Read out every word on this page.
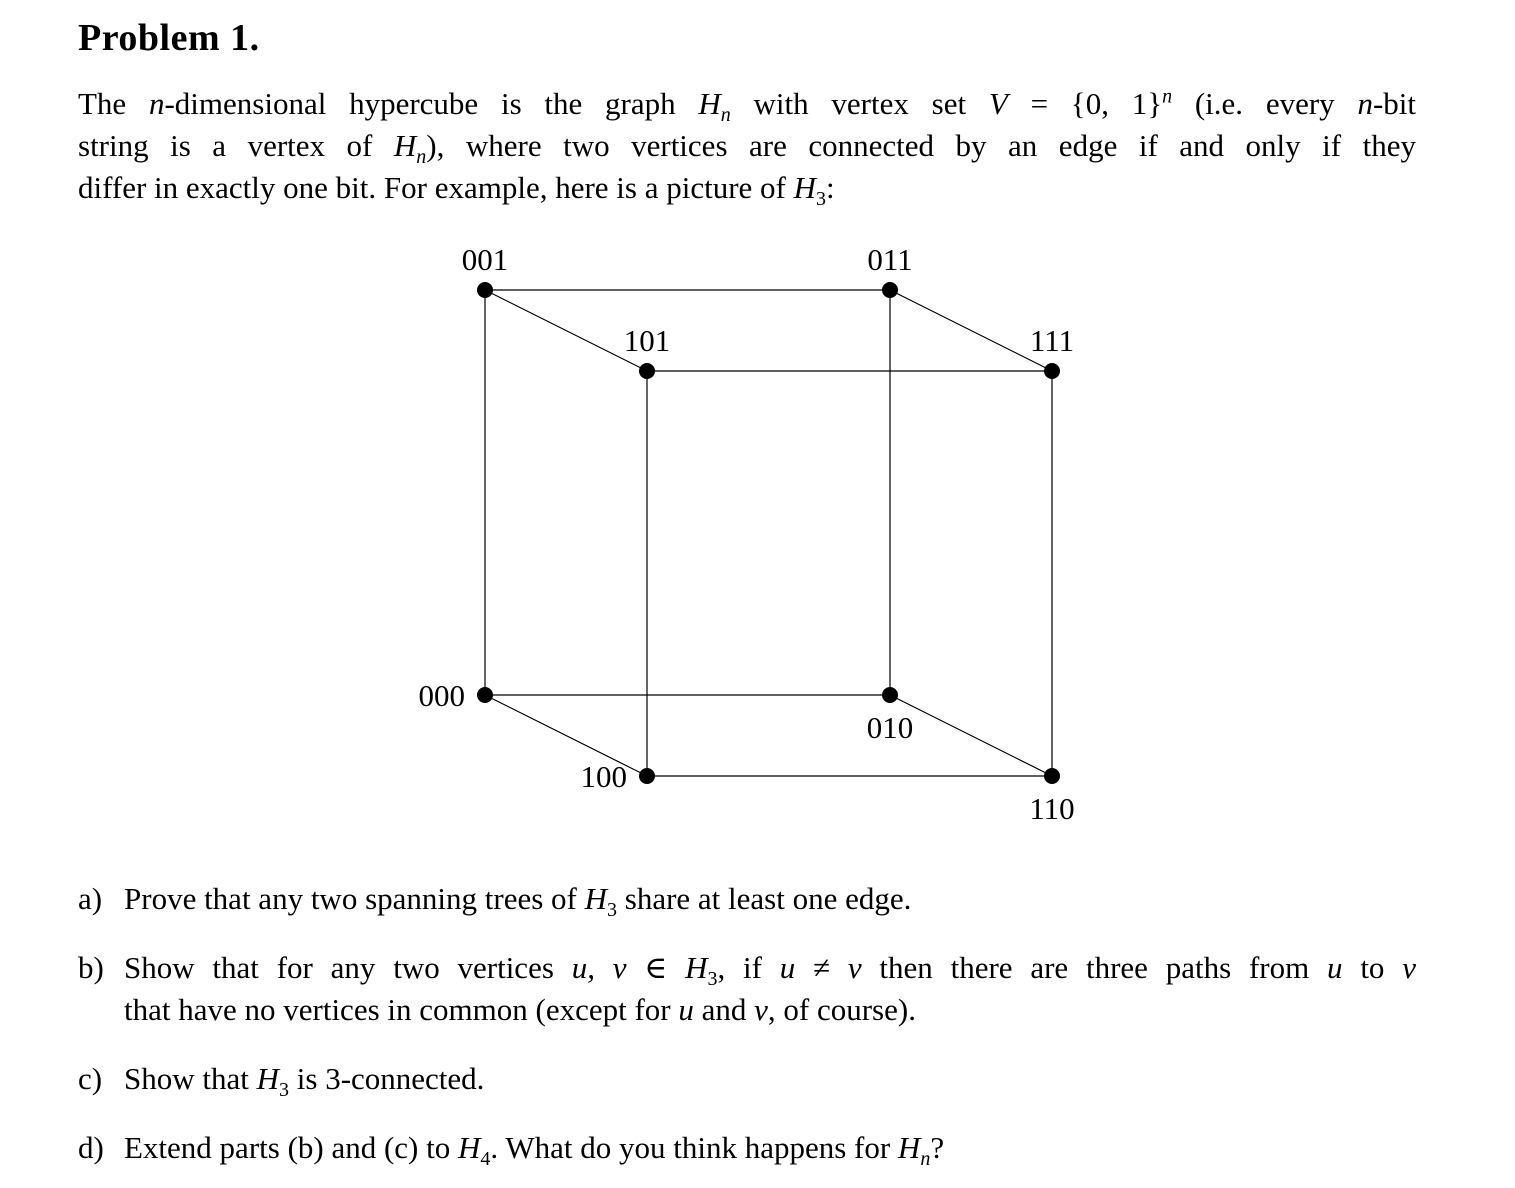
Problem 1.
The n-dimensional hypercube is the graph $H_n$ with vertex set V = {0, 1}$^n$ (i.e. every n-bit
string is a vertex of $H_n$), where two vertices are connected by an edge if and only if they
differ in exactly one bit. For example, here is a picture of $H_3$:
001	011
101	111
000
010
100
110
a) Prove that any two spanning trees of $H_3$ share at least one edge.
b) Show that for any two vertices u, v ∈ $H_3$, if u ≠ v then there are three paths from u to v
that have no vertices in common (except for u and v, of course).
c) Show that $H_3$ is 3-connected.
d) Extend parts (b) and (c) to $H_4$. What do you think happens for $H_n$?
